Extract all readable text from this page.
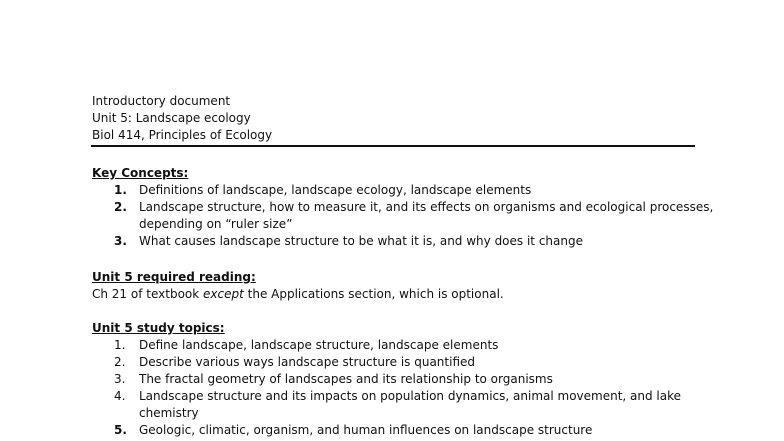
Introductory document
Unit 5: Landscape ecology
Biol 414, Principles of Ecology
Key Concepts:
1. Definitions of landscape, landscape ecology, landscape elements
2. Landscape structure, how to measure it, and its effects on organisms and ecological processes,
depending on “ruler size”
3. What causes landscape structure to be what it is, and why does it change
Unit 5 required reading:
Ch 21 of textbook except the Applications section, which is optional.
Unit 5 study topics:
1. Define landscape, landscape structure, landscape elements
2. Describe various ways landscape structure is quantified
3. The fractal geometry of landscapes and its relationship to organisms
4. Landscape structure and its impacts on population dynamics, animal movement, and lake
chemistry
5. Geologic, climatic, organism, and human influences on landscape structure
